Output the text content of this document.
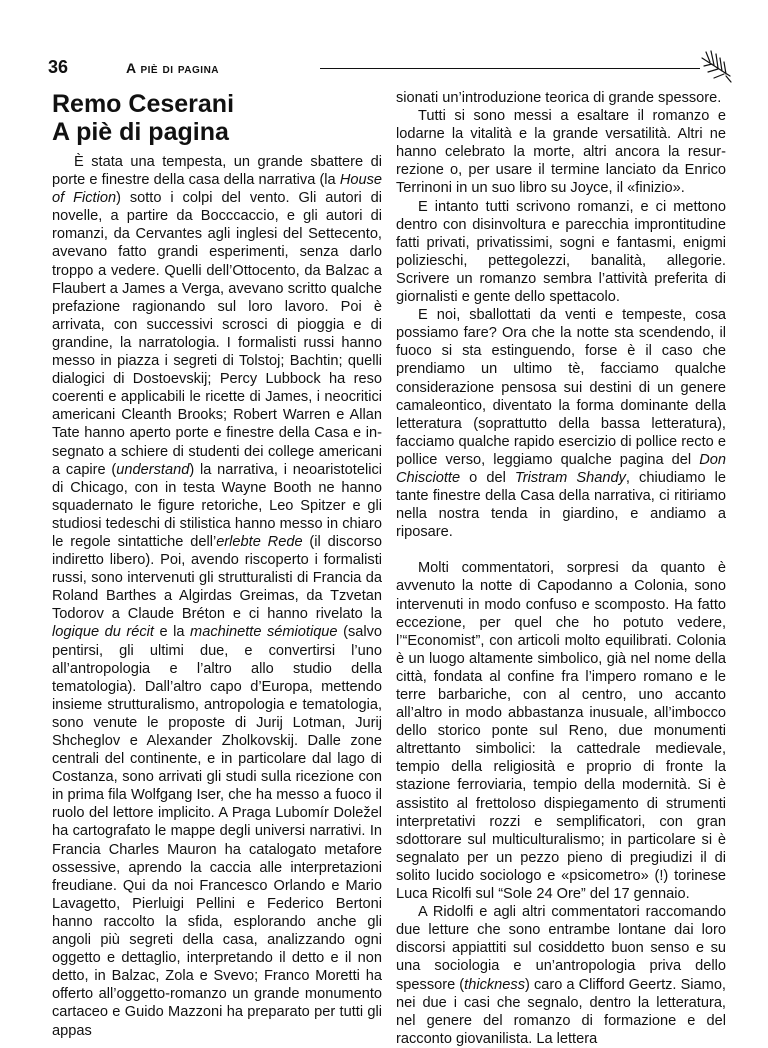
36	A piè di pagina
Remo Ceserani
A piè di pagina

È stata una tempesta, un grande sbattere di porte e finestre della casa della narrativa (la House of Fiction) sotto i colpi del vento. Gli autori di novelle, a partire da Bocccaccio, e gli autori di romanzi, da Cervantes agli inglesi del Settecento, avevano fatto grandi esperimenti, senza darlo troppo a vedere. Quelli dell’Ottocento, da Balzac a Flaubert a James a Verga, avevano scritto qualche prefazione ragionando sul loro lavoro. Poi è arrivata, con successivi scrosci di pioggia e di grandine, la narratologia. I formalisti russi hanno messo in piazza i segreti di Tolstoj; Bachtin; quelli dialogici di Dostoevskij; Percy Lubbock ha reso coerenti e applicabili le ricette di James, i neocritici americani Cleanth Brooks; Robert Warren e Allan Tate hanno aperto porte e finestre della Casa e insegnato a schiere di studenti dei college americani a capire (understand) la narrativa, i neoaristotelici di Chicago, con in testa Wayne Booth ne hanno squadernato le figure retoriche, Leo Spitzer e gli studiosi tedeschi di stilistica hanno messo in chiaro le regole sintattiche dell’erlebte Rede (il discorso indiretto libero). Poi, avendo riscoperto i formalisti russi, sono intervenuti gli strutturalisti di Francia da Roland Barthes a Algirdas Greimas, da Tzvetan Todorov a Claude Bréton e ci hanno rivelato la logique du récit e la machinette sémiotique (salvo pentirsi, gli ultimi due, e convertirsi l’uno all’antropologia e l’altro allo studio della tematologia). Dall’altro capo d’Europa, mettendo insieme strutturalismo, antropologia e tematologia, sono venute le proposte di Jurij Lotman, Jurij Shcheglov e Alexander Zholkovskij. Dalle zone centrali del continente, e in particolare dal lago di Costanza, sono arrivati gli studi sulla ricezione con in prima fila Wolfgang Iser, che ha messo a fuoco il ruolo del lettore implicito. A Praga Lubomír Doležel ha cartografato le mappe degli universi narrativi. In Francia Charles Mauron ha catalogato metafore ossessive, aprendo la caccia alle interpretazioni freudiane. Qui da noi Francesco Orlando e Mario Lavagetto, Pierluigi Pellini e Federico Bertoni hanno raccolto la sfida, esplorando anche gli angoli più segreti della casa, analizzando ogni oggetto e dettaglio, interpretando il detto e il non detto, in Balzac, Zola e Svevo; Franco Moretti ha offerto all’oggetto-romanzo un grande monumento cartaceo e Guido Mazzoni ha preparato per tutti gli appas

sionati un’introduzione teorica di grande spessore.

Tutti si sono messi a esaltare il romanzo e lodarne la vitalità e la grande versatilità. Altri ne hanno celebrato la morte, altri ancora la resurrezione o, per usare il termine lanciato da Enrico Terrinoni in un suo libro su Joyce, il «finizio».

E intanto tutti scrivono romanzi, e ci mettono dentro con disinvoltura e parecchia improntitudine fatti privati, privatissimi, sogni e fantasmi, enigmi polizieschi, pettegolezzi, banalità, allegorie. Scrivere un romanzo sembra l’attività preferita di giornalisti e gente dello spettacolo.

E noi, sballottati da venti e tempeste, cosa possiamo fare? Ora che la notte sta scendendo, il fuoco si sta estinguendo, forse è il caso che prendiamo un ultimo tè, facciamo qualche considerazione pensosa sui destini di un genere camaleontico, diventato la forma dominante della letteratura (soprattutto della bassa letteratura), facciamo qualche rapido esercizio di pollice recto e pollice verso, leggiamo qualche pagina del Don Chisciotte o del Tristram Shandy, chiudiamo le tante finestre della Casa della narrativa, ci ritiriamo nella nostra tenda in giardino, e andiamo a riposare.

Molti commentatori, sorpresi da quanto è avvenuto la notte di Capodanno a Colonia, sono intervenuti in modo confuso e scomposto. Ha fatto eccezione, per quel che ho potuto vedere, l’“Economist”, con articoli molto equilibrati. Colonia è un luogo altamente simbolico, già nel nome della città, fondata al confine fra l’impero romano e le terre barbariche, con al centro, uno accanto all’altro in modo abbastanza inusuale, all’imbocco dello storico ponte sul Reno, due monumenti altrettanto simbolici: la cattedrale medievale, tempio della religiosità e proprio di fronte la stazione ferroviaria, tempio della modernità. Si è assistito al frettoloso dispiegamento di strumenti interpretativi rozzi e semplificatori, con gran sdottorare sul multiculturalismo; in particolare si è segnalato per un pezzo pieno di pregiudizi il di solito lucido sociologo e «psicometro» (!) torinese Luca Ricolfi sul “Sole 24 Ore” del 17 gennaio.

A Ridolfi e agli altri commentatori raccomando due letture che sono entrambe lontane dai loro discorsi appiattiti sul cosiddetto buon senso e su una sociologia e un’antropologia priva dello spessore (thickness) caro a Clifford Geertz. Siamo, nei due i casi che segnalo, dentro la letteratura, nel genere del romanzo di formazione e del racconto giovanilista. La lettera
